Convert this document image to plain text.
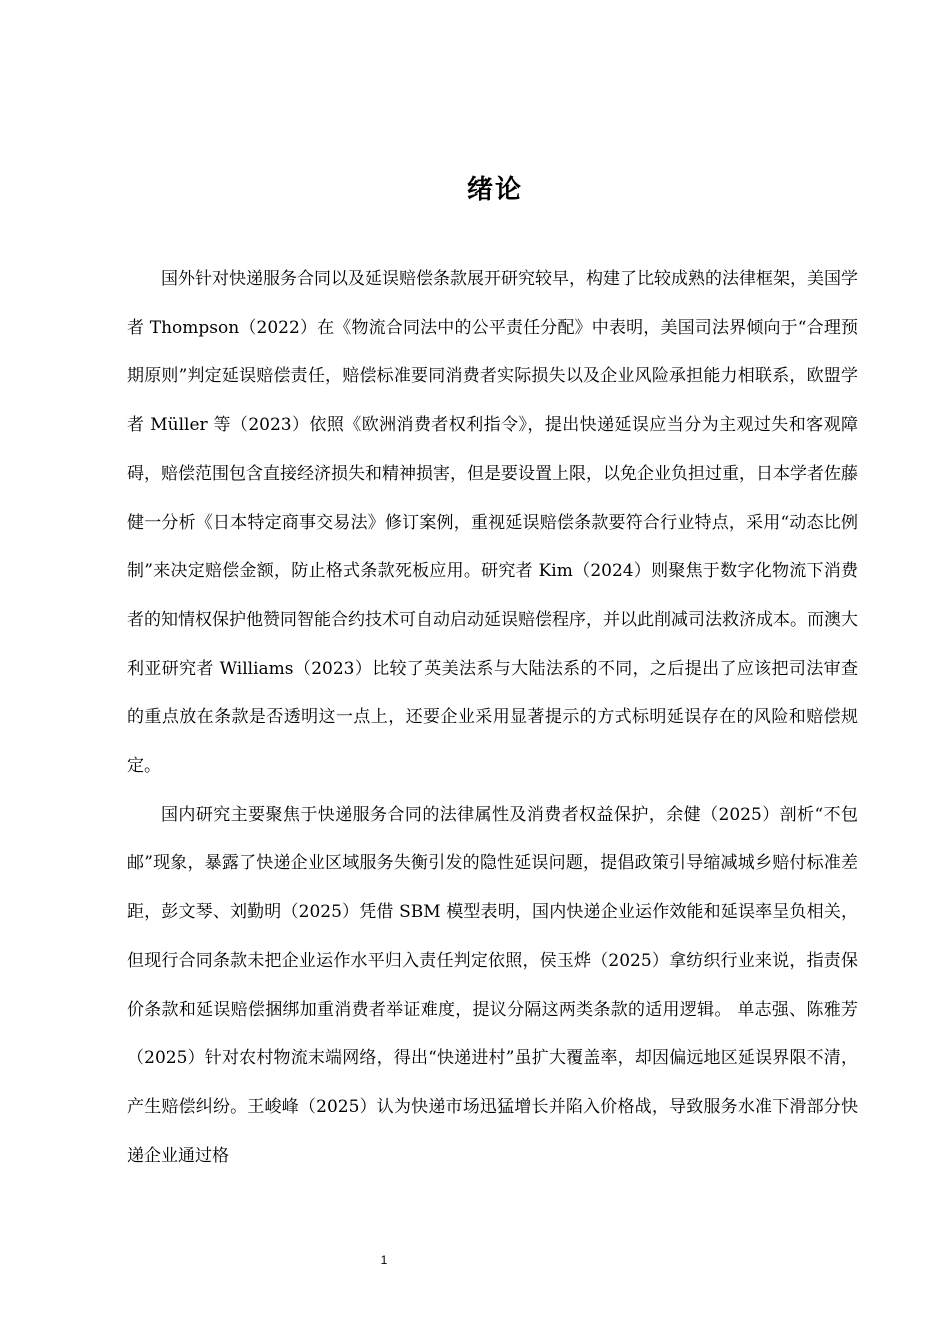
绪论

国外针对快递服务合同以及延误赔偿条款展开研究较早，构建了比较成熟的法律框架，美国学者 Thompson（2022）在《物流合同法中的公平责任分配》中表明，美国司法界倾向于“合理预期原则”判定延误赔偿责任，赔偿标准要同消费者实际损失以及企业风险承担能力相联系，欧盟学者 Müller 等（2023）依照《欧洲消费者权利指令》，提出快递延误应当分为主观过失和客观障碍，赔偿范围包含直接经济损失和精神损害，但是要设置上限，以免企业负担过重，日本学者佐藤健一分析《日本特定商事交易法》修订案例，重视延误赔偿条款要符合行业特点，采用“动态比例制”来决定赔偿金额，防止格式条款死板应用。研究者 Kim（2024）则聚焦于数字化物流下消费者的知情权保护他赞同智能合约技术可自动启动延误赔偿程序，并以此削减司法救济成本。而澳大利亚研究者 Williams（2023）比较了英美法系与大陆法系的不同，之后提出了应该把司法审查的重点放在条款是否透明这一点上，还要企业采用显著提示的方式标明延误存在的风险和赔偿规定。

国内研究主要聚焦于快递服务合同的法律属性及消费者权益保护，余健（2025）剖析“不包邮”现象，暴露了快递企业区域服务失衡引发的隐性延误问题，提倡政策引导缩减城乡赔付标准差距，彭文琴、刘勤明（2025）凭借 SBM 模型表明，国内快递企业运作效能和延误率呈负相关，但现行合同条款未把企业运作水平归入责任判定依照，侯玉烨（2025）拿纺织行业来说，指责保价条款和延误赔偿捆绑加重消费者举证难度，提议分隔这两类条款的适用逻辑。 单志强、陈雅芳（2025）针对农村物流末端网络，得出“快递进村”虽扩大覆盖率，却因偏远地区延误界限不清，产生赔偿纠纷。王峻峰（2025）认为快递市场迅猛增长并陷入价格战，导致服务水准下滑部分快递企业通过格

1
